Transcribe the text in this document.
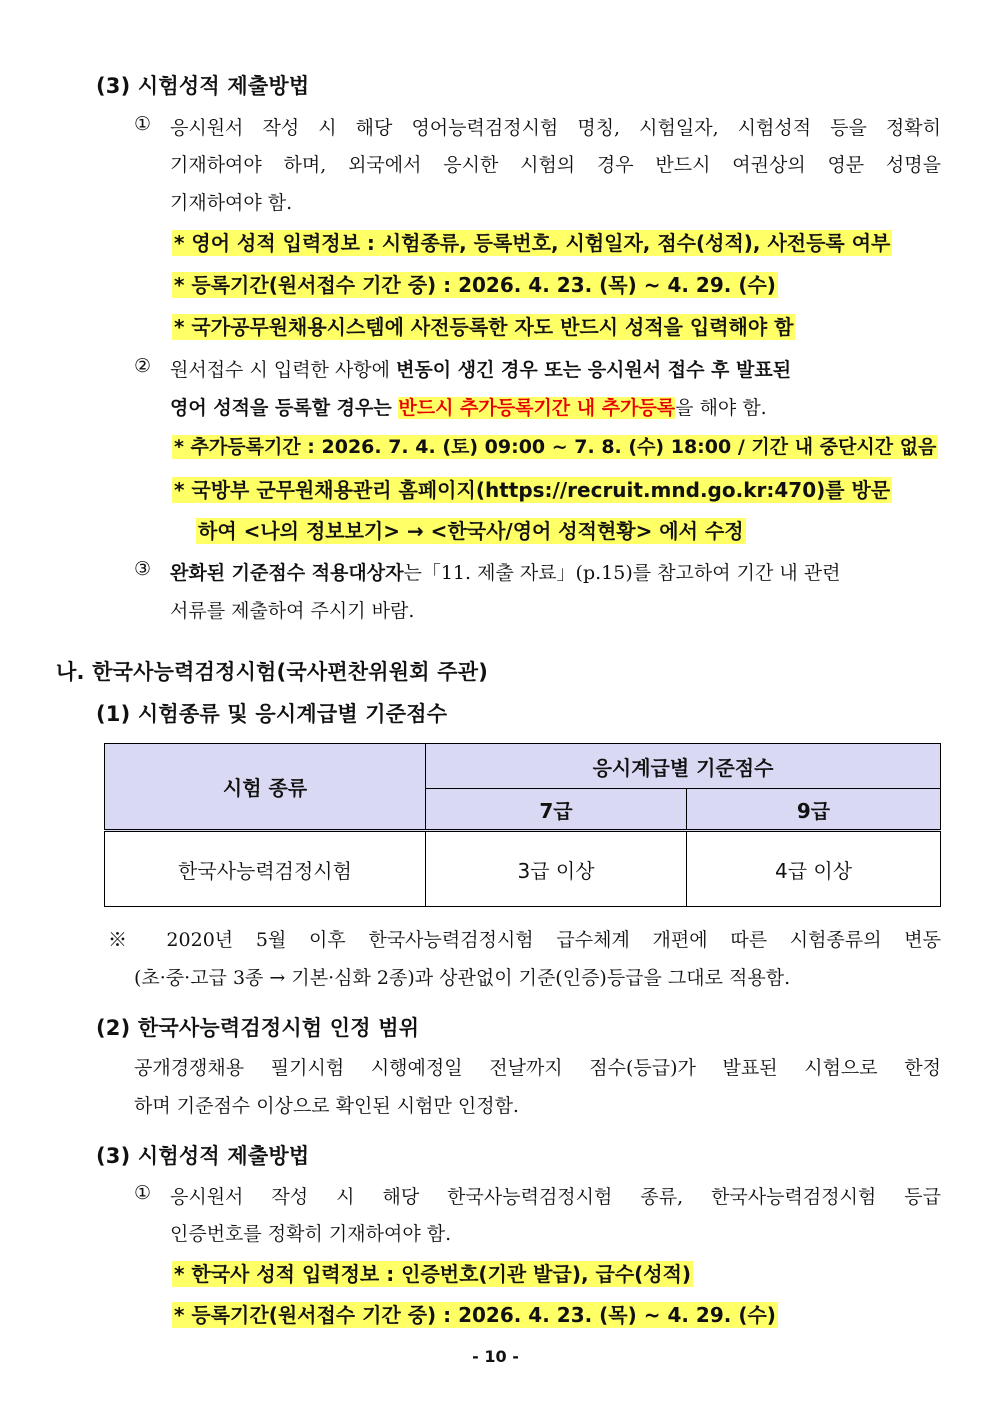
(3) 시험성적 제출방법
① 응시원서 작성 시 해당 영어능력검정시험 명칭, 시험일자, 시험성적 등을 정확히
기재하여야 하며, 외국에서 응시한 시험의 경우 반드시 여권상의 영문 성명을
기재하여야 함.
* 영어 성적 입력정보 : 시험종류, 등록번호, 시험일자, 점수(성적), 사전등록 여부
* 등록기간(원서접수 기간 중) : 2026. 4. 23. (목) ~ 4. 29. (수)
* 국가공무원채용시스템에 사전등록한 자도 반드시 성적을 입력해야 함
② 원서접수 시 입력한 사항에 변동이 생긴 경우 또는 응시원서 접수 후 발표된
영어 성적을 등록할 경우는 반드시 추가등록기간 내 추가등록을 해야 함.
* 추가등록기간 : 2026. 7. 4. (토) 09:00 ~ 7. 8. (수) 18:00 / 기간 내 중단시간 없음
* 국방부 군무원채용관리 홈페이지(https://recruit.mnd.go.kr:470)를 방문
하여 <나의 정보보기> → <한국사/영어 성적현황> 에서 수정
③ 완화된 기준점수 적용대상자는「11. 제출 자료」(p.15)를 참고하여 기간 내 관련
서류를 제출하여 주시기 바람.
나. 한국사능력검정시험(국사편찬위원회 주관)
(1) 시험종류 및 응시계급별 기준점수
시험 종류	응시계급별 기준점수	
	7급	9급
한국사능력검정시험	3급 이상	4급 이상
※ 2020년 5월 이후 한국사능력검정시험 급수체계 개편에 따른 시험종류의 변동
(초·중·고급 3종 → 기본·심화 2종)과 상관없이 기준(인증)등급을 그대로 적용함.
(2) 한국사능력검정시험 인정 범위
공개경쟁채용 필기시험 시행예정일 전날까지 점수(등급)가 발표된 시험으로 한정
하며 기준점수 이상으로 확인된 시험만 인정함.
(3) 시험성적 제출방법
① 응시원서 작성 시 해당 한국사능력검정시험 종류, 한국사능력검정시험 등급
인증번호를 정확히 기재하여야 함.
* 한국사 성적 입력정보 : 인증번호(기관 발급), 급수(성적)
* 등록기간(원서접수 기간 중) : 2026. 4. 23. (목) ~ 4. 29. (수)
- 10 -
